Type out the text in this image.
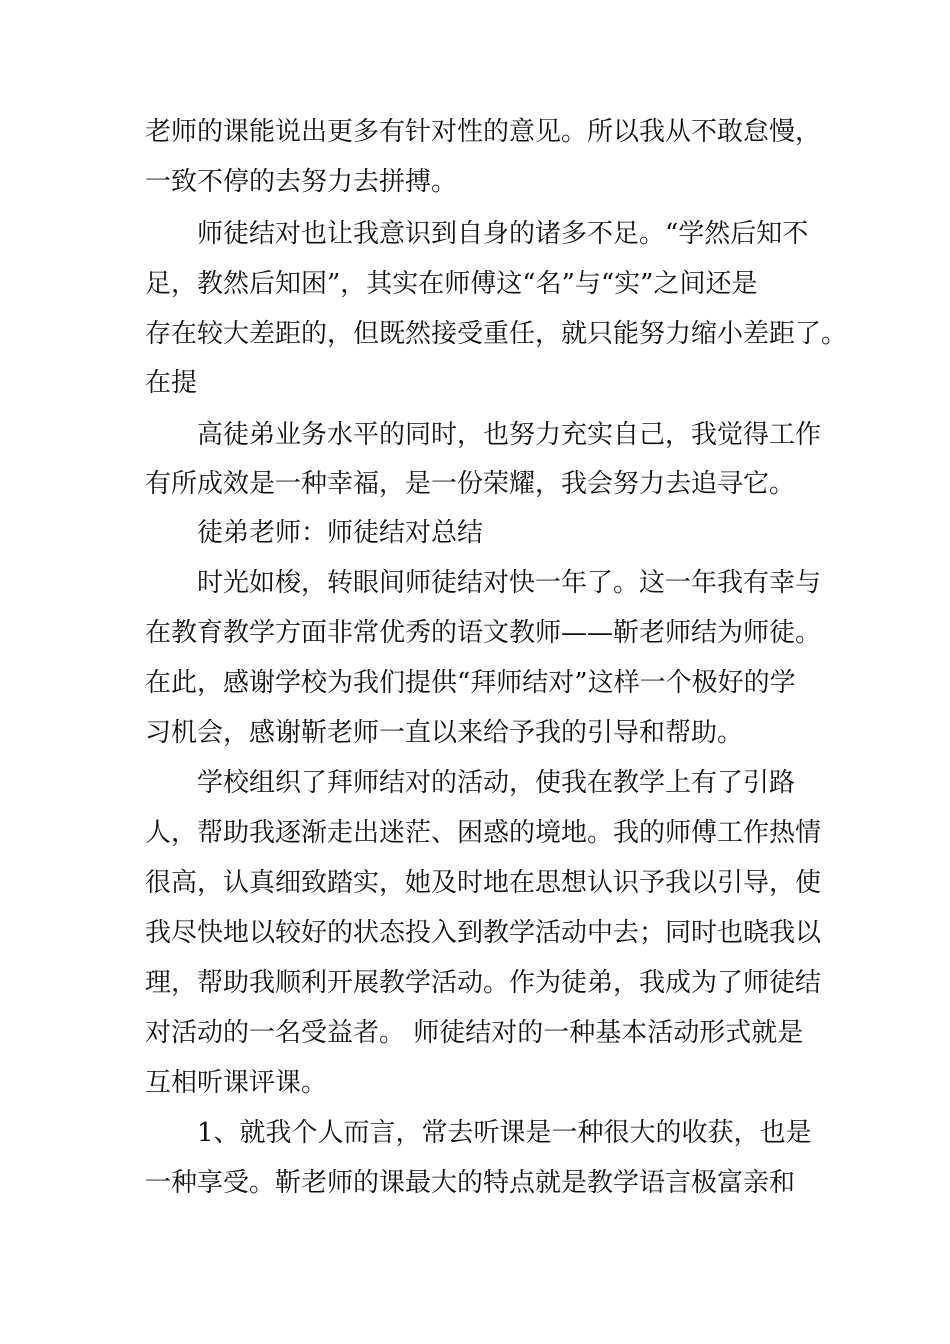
老师的课能说出更多有针对性的意见。所以我从不敢怠慢，
一致不停的去努力去拼搏。
师徒结对也让我意识到自身的诸多不足。“学然后知不
足，教然后知困”，其实在师傅这“名”与“实”之间还是
存在较大差距的，但既然接受重任，就只能努力缩小差距了。
在提
高徒弟业务水平的同时，也努力充实自己，我觉得工作
有所成效是一种幸福，是一份荣耀，我会努力去追寻它。
徒弟老师：师徒结对总结
时光如梭，转眼间师徒结对快一年了。这一年我有幸与
在教育教学方面非常优秀的语文教师——靳老师结为师徒。
在此，感谢学校为我们提供“拜师结对”这样一个极好的学
习机会，感谢靳老师一直以来给予我的引导和帮助。
学校组织了拜师结对的活动，使我在教学上有了引路
人，帮助我逐渐走出迷茫、困惑的境地。我的师傅工作热情
很高，认真细致踏实，她及时地在思想认识予我以引导，使
我尽快地以较好的状态投入到教学活动中去；同时也晓我以
理，帮助我顺利开展教学活动。作为徒弟，我成为了师徒结
对活动的一名受益者。 师徒结对的一种基本活动形式就是
互相听课评课。
1、就我个人而言，常去听课是一种很大的收获，也是
一种享受。靳老师的课最大的特点就是教学语言极富亲和
